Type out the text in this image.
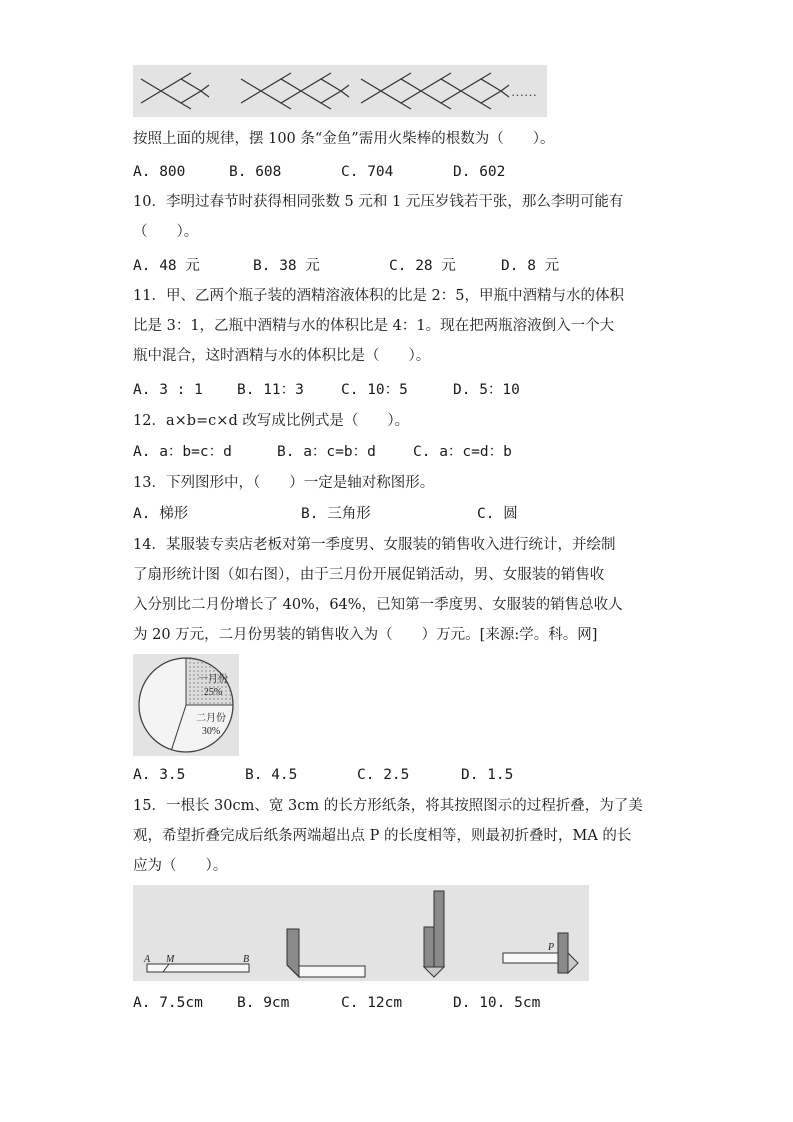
……
按照上面的规律，摆 100 条“金鱼”需用火柴棒的根数为（　　）。
A. 800	B. 608	C. 704	D. 602
10．李明过春节时获得相同张数 5 元和 1 元压岁钱若干张，那么李明可能有
（　　）。
A. 48 元	B. 38 元	C. 28 元	D. 8 元
11．甲、乙两个瓶子装的酒精溶液体积的比是 2：5，甲瓶中酒精与水的体积
比是 3：1，乙瓶中酒精与水的体积比是 4：1。现在把两瓶溶液倒入一个大
瓶中混合，这时酒精与水的体积比是（　　）。
A. 3 : 1 B. 11：3	C. 10：5	D. 5：10
12．a×b=c×d 改写成比例式是（　　）。
A. a：b=c：d	B. a：c=b：d	C. a：c=d：b
13．下列图形中，（　　）一定是轴对称图形。
A. 梯形	B. 三角形	C. 圆
14．某服装专卖店老板对第一季度男、女服装的销售收入进行统计，并绘制
了扇形统计图（如右图），由于三月份开展促销活动，男、女服装的销售收
入分别比二月份增长了 40%，64%，已知第一季度男、女服装的销售总收人
为 20 万元，二月份男装的销售收入为（　　）万元。[来源:学。科。网]
一月份
25%
二月份
30%
A. 3.5	B. 4.5	C. 2.5	D. 1.5
15．一根长 30cm、宽 3cm 的长方形纸条，将其按照图示的过程折叠，为了美
观，希望折叠完成后纸条两端超出点 P 的长度相等，则最初折叠时，MA 的长
应为（　　）。
A M	B
P
A. 7.5cm B. 9cm	C. 12cm	D. 10. 5cm
